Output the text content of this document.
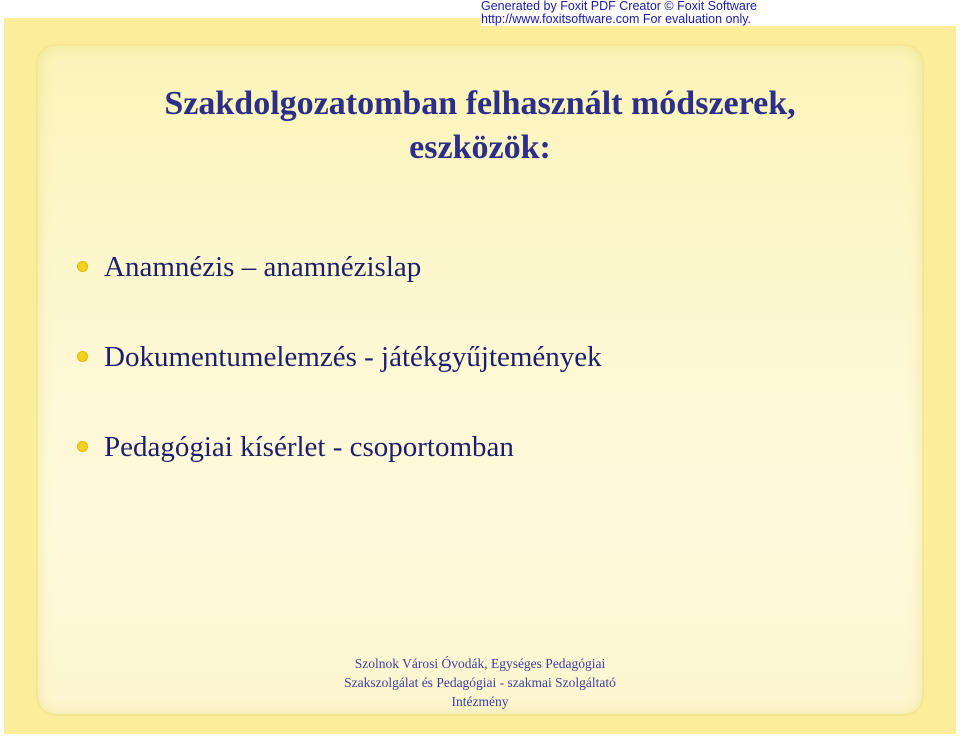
Generated by Foxit PDF Creator © Foxit Software
http://www.foxitsoftware.com For evaluation only.
Szakdolgozatomban felhasznált módszerek,
eszközök:
Anamnézis – anamnézislap
Dokumentumelemzés - játékgyűjtemények
Pedagógiai kísérlet - csoportomban
Szolnok Városi Óvodák, Egységes Pedagógiai
Szakszolgálat és Pedagógiai - szakmai Szolgáltató
Intézmény
